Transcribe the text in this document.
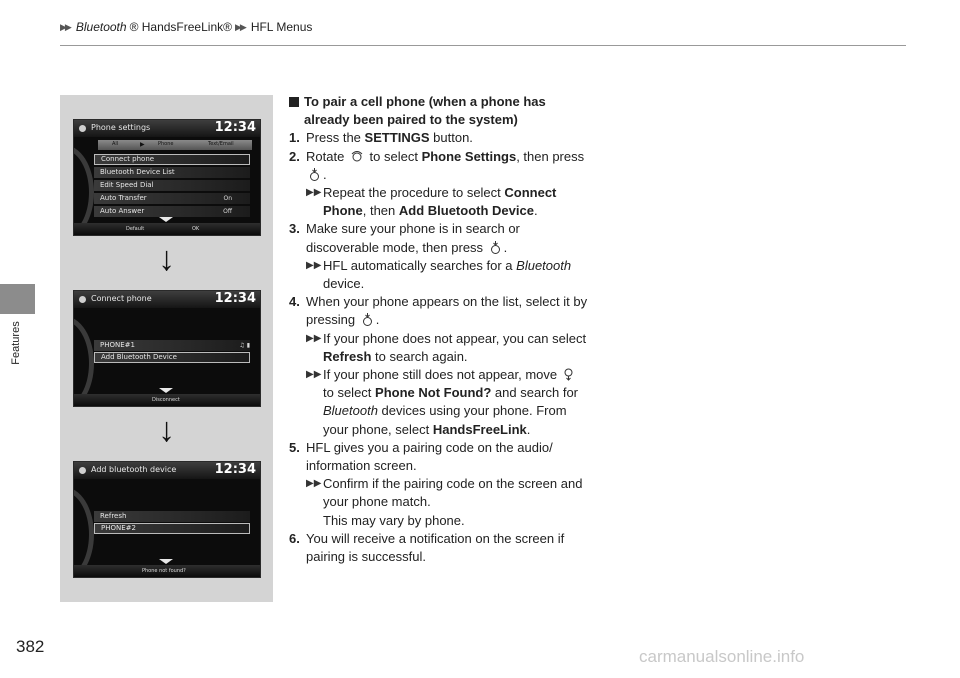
▶▶ Bluetooth ® HandsFreeLink® ▶▶ HFL Menus
Features
Phone settings	12:34
All	▶	Phone	Text/Email
Connect phone
Bluetooth Device List
Edit Speed Dial
Auto Transfer	On
Auto Answer	Off
Default	OK
↓
Connect phone	12:34
PHONE#1	♫ ▮
Add Bluetooth Device
Disconnect
↓
Add bluetooth device	12:34
Refresh
PHONE#2
Phone not found?
To pair a cell phone (when a phone has already been paired to the system)
1. Press the SETTINGS button.
2. Rotate  to select Phone Settings, then press .
▶▶ Repeat the procedure to select Connect Phone, then Add Bluetooth Device.
3. Make sure your phone is in search or discoverable mode, then press .
▶▶ HFL automatically searches for a Bluetooth device.
4. When your phone appears on the list, select it by pressing .
▶▶ If your phone does not appear, you can select Refresh to search again.
▶▶ If your phone still does not appear, move  to select Phone Not Found? and search for Bluetooth devices using your phone. From your phone, select HandsFreeLink.
5. HFL gives you a pairing code on the audio/ information screen.
▶▶ Confirm if the pairing code on the screen and your phone match.
This may vary by phone.
6. You will receive a notification on the screen if pairing is successful.
382
carmanualsonline.info
